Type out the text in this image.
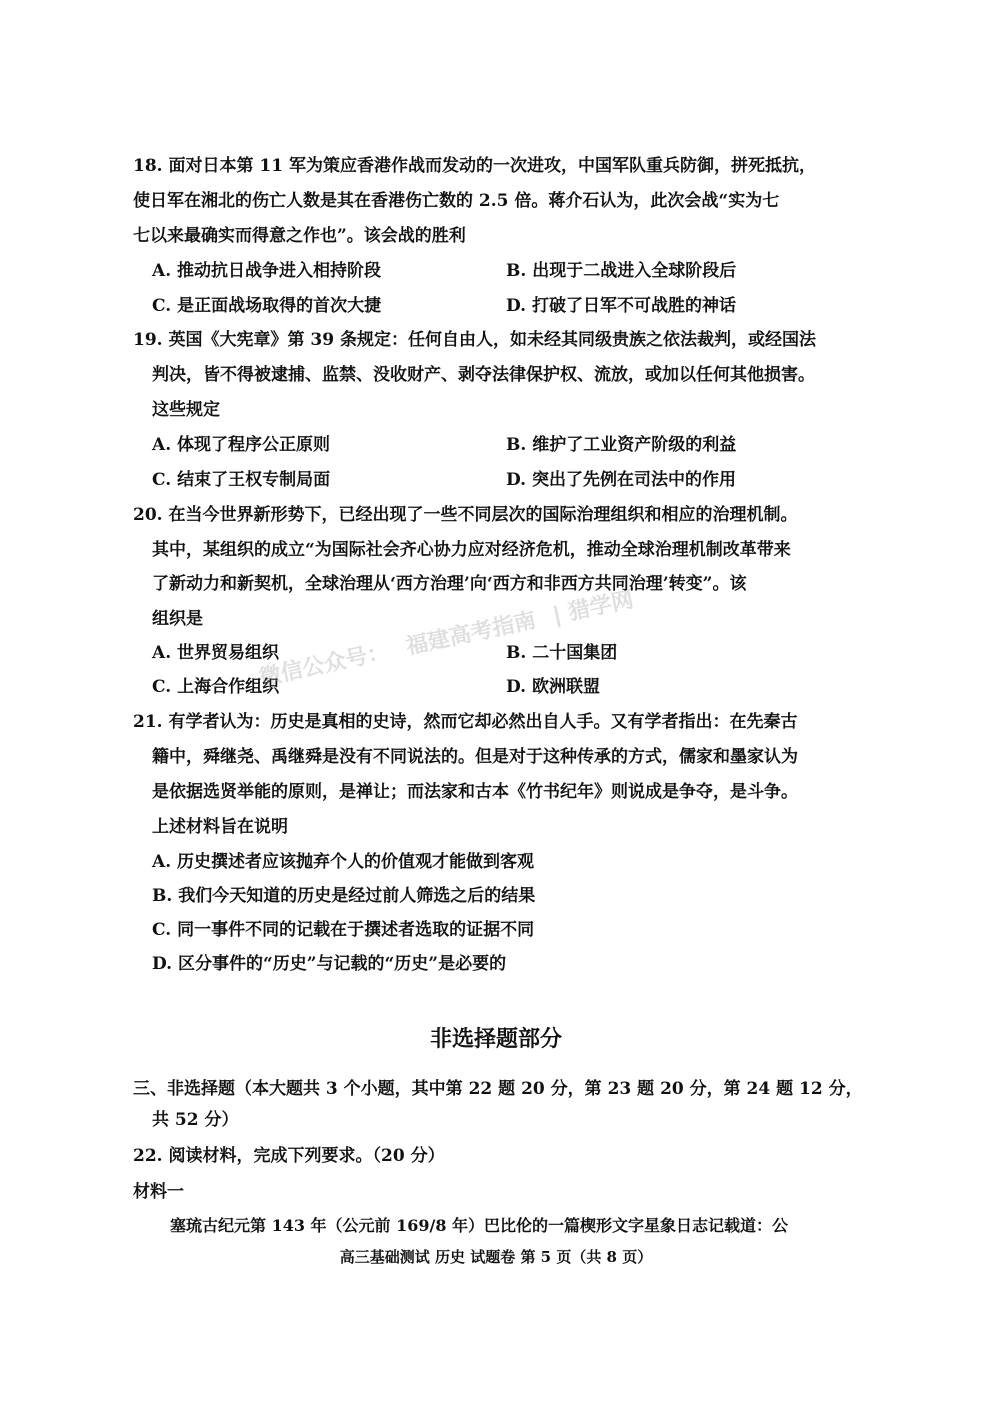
18. 面对日本第 11 军为策应香港作战而发动的一次进攻，中国军队重兵防御，拼死抵抗，
使日军在湘北的伤亡人数是其在香港伤亡数的 2.5 倍。蒋介石认为，此次会战“实为七
七以来最确实而得意之作也”。该会战的胜利
A. 推动抗日战争进入相持阶段	B. 出现于二战进入全球阶段后
C. 是正面战场取得的首次大捷	D. 打破了日军不可战胜的神话
19. 英国《大宪章》第 39 条规定：任何自由人，如未经其同级贵族之依法裁判，或经国法
判决，皆不得被逮捕、监禁、没收财产、剥夺法律保护权、流放，或加以任何其他损害。
这些规定
A. 体现了程序公正原则	B. 维护了工业资产阶级的利益
C. 结束了王权专制局面	D. 突出了先例在司法中的作用
20. 在当今世界新形势下，已经出现了一些不同层次的国际治理组织和相应的治理机制。
其中，某组织的成立“为国际社会齐心协力应对经济危机，推动全球治理机制改革带来
了新动力和新契机，全球治理从‘西方治理’向‘西方和非西方共同治理’转变”。该
组织是
A. 世界贸易组织	B. 二十国集团
C. 上海合作组织	D. 欧洲联盟
21. 有学者认为：历史是真相的史诗，然而它却必然出自人手。又有学者指出：在先秦古
籍中，舜继尧、禹继舜是没有不同说法的。但是对于这种传承的方式，儒家和墨家认为
是依据选贤举能的原则，是禅让；而法家和古本《竹书纪年》则说成是争夺，是斗争。
上述材料旨在说明
A. 历史撰述者应该抛弃个人的价值观才能做到客观
B. 我们今天知道的历史是经过前人筛选之后的结果
C. 同一事件不同的记载在于撰述者选取的证据不同
D. 区分事件的“历史”与记载的“历史”是必要的
非选择题部分
三、非选择题（本大题共 3 个小题，其中第 22 题 20 分，第 23 题 20 分，第 24 题 12 分，
共 52 分）
22. 阅读材料，完成下列要求。（20 分）
材料一
塞琉古纪元第 143 年（公元前 169/8 年）巴比伦的一篇楔形文字星象日志记载道：公
高三基础测试 历史 试题卷 第 5 页（共 8 页）
微信公众号：福建高考指南| 猎学网
